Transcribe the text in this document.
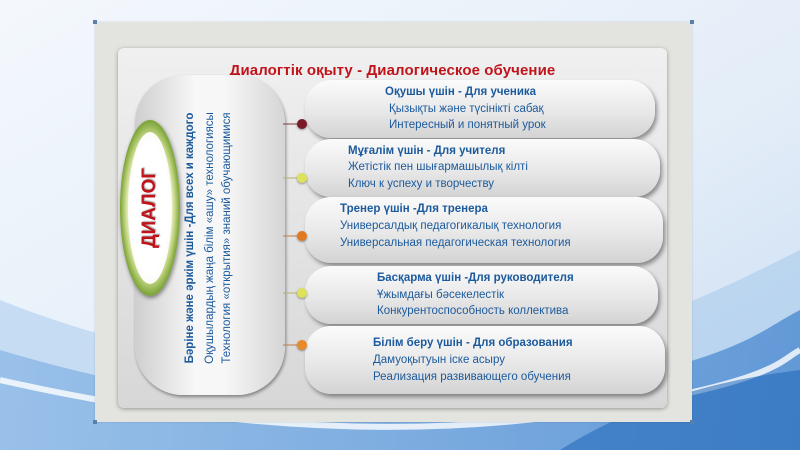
Диалогтік оқыту - Диалогическое обучение
Бәріне және әркім үшін -Для всех и каждого Оқушылардың жаңа білім «ашу» технологиясы Технология «открытия» знаний обучающимися
ДИАЛОГ
Оқушы үшін - Для ученика
Қызықты және түсінікті сабақ
Интересный и понятный урок
Мұғалім үшін - Для учителя
Жетістік пен шығармашылық кілті
Ключ к успеху и творчеству
Тренер үшін -Для тренера
Универсалдық педагогикалық технология
Универсальная педагогическая технология
Басқарма үшін -Для руководителя
Ұжымдағы бәсекелестік
Конкурентоспособность коллектива
Білім беру үшін - Для образования
Дамуоқытуын іске асыру
Реализация развивающего обучения
